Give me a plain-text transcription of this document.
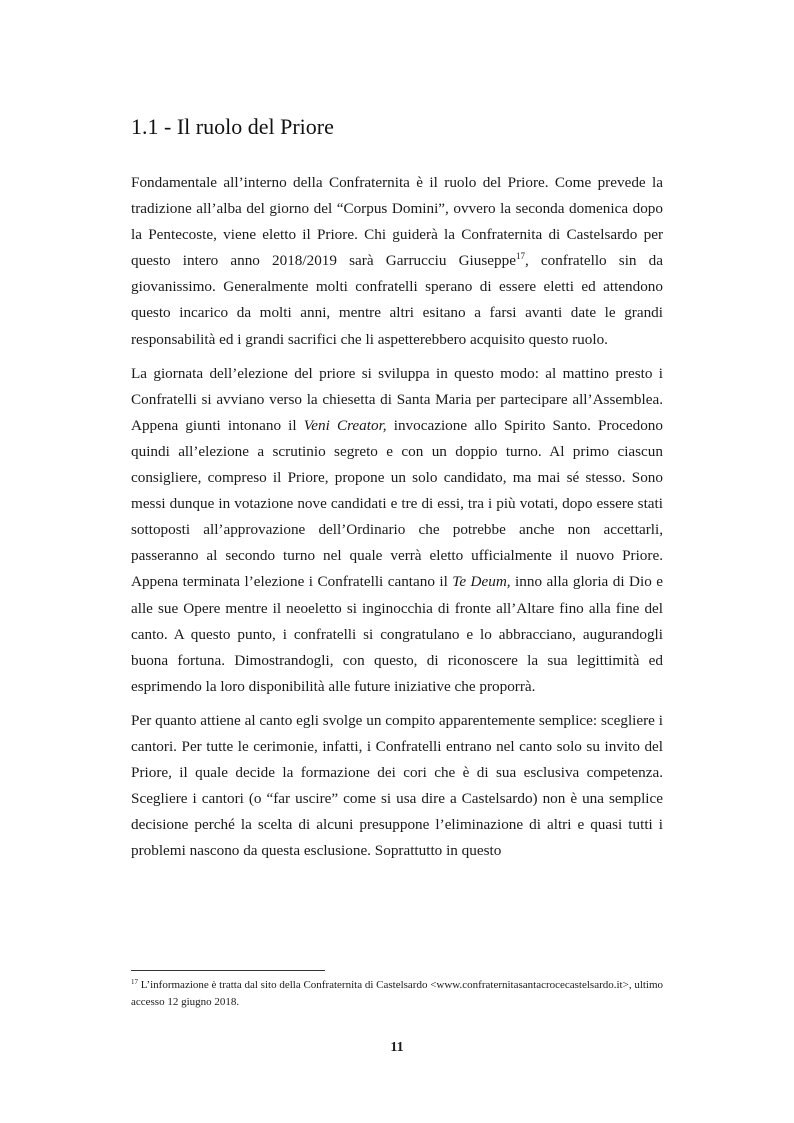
1.1 - Il ruolo del Priore

Fondamentale all’interno della Confraternita è il ruolo del Priore. Come prevede la tradizione all’alba del giorno del “Corpus Domini”, ovvero la seconda domenica dopo la Pentecoste, viene eletto il Priore. Chi guiderà la Confraternita di Castelsardo per questo intero anno 2018/2019 sarà Garrucciu Giuseppe$^{17}$, confratello sin da giovanissimo. Generalmente molti confratelli sperano di essere eletti ed attendono questo incarico da molti anni, mentre altri esitano a farsi avanti date le grandi responsabilità ed i grandi sacrifici che li aspetterebbero acquisito questo ruolo.

La giornata dell’elezione del priore si sviluppa in questo modo: al mattino presto i Confratelli si avviano verso la chiesetta di Santa Maria per partecipare all’Assemblea. Appena giunti intonano il Veni Creator, invocazione allo Spirito Santo. Procedono quindi all’elezione a scrutinio segreto e con un doppio turno. Al primo ciascun consigliere, compreso il Priore, propone un solo candidato, ma mai sé stesso. Sono messi dunque in votazione nove candidati e tre di essi, tra i più votati, dopo essere stati sottoposti all’approvazione dell’Ordinario che potrebbe anche non accettarli, passeranno al secondo turno nel quale verrà eletto ufficialmente il nuovo Priore. Appena terminata l’elezione i Confratelli cantano il Te Deum, inno alla gloria di Dio e alle sue Opere mentre il neoeletto si inginocchia di fronte all’Altare fino alla fine del canto. A questo punto, i confratelli si congratulano e lo abbracciano, augurandogli buona fortuna. Dimostrandogli, con questo, di riconoscere la sua legittimità ed esprimendo la loro disponibilità alle future iniziative che proporrà.

Per quanto attiene al canto egli svolge un compito apparentemente semplice: scegliere i cantori. Per tutte le cerimonie, infatti, i Confratelli entrano nel canto solo su invito del Priore, il quale decide la formazione dei cori che è di sua esclusiva competenza. Scegliere i cantori (o “far uscire” come si usa dire a Castelsardo) non è una semplice decisione perché la scelta di alcuni presuppone l’eliminazione di altri e quasi tutti i problemi nascono da questa esclusione. Soprattutto in questo

$^{17}$ L’informazione è tratta dal sito della Confraternita di Castelsardo <www.confraternitasantacrocecastelsardo.it>, ultimo accesso 12 giugno 2018.
11
